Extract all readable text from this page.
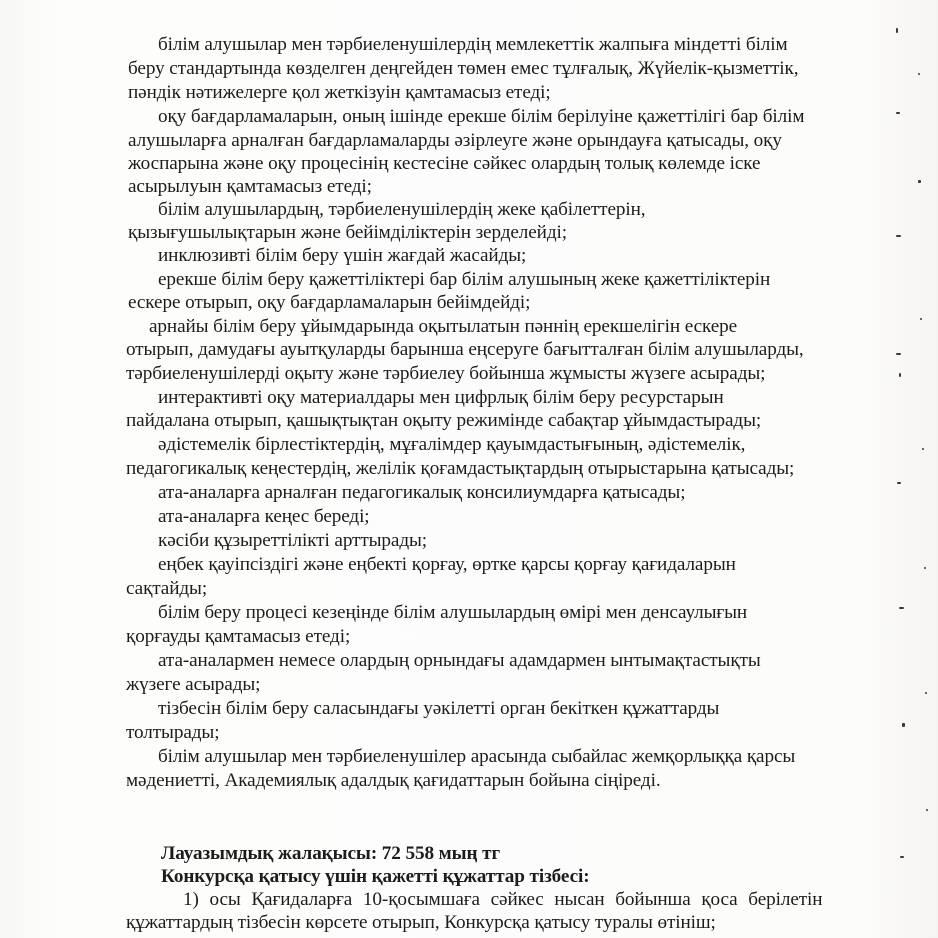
білім алушылар мен тәрбиеленушілердің мемлекеттік жалпыға міндетті білім
беру стандартында көзделген деңгейден төмен емес тұлғалық, Жүйелік-қызметтік,
пәндік нәтижелерге қол жеткізуін қамтамасыз етеді;
оқу бағдарламаларын, оның ішінде ерекше білім берілуіне қажеттілігі бар білім
алушыларға арналған бағдарламаларды әзірлеуге және орындауға қатысады, оқу
жоспарына және оқу процесінің кестесіне сәйкес олардың толық көлемде іске
асырылуын қамтамасыз етеді;
білім алушылардың, тәрбиеленушілердің жеке қабілеттерін,
қызығушылықтарын және бейімділіктерін зерделейді;
инклюзивті білім беру үшін жағдай жасайды;
ерекше білім беру қажеттіліктері бар білім алушының жеке қажеттіліктерін
ескере отырып, оқу бағдарламаларын бейімдейді;
арнайы білім беру ұйымдарында оқытылатын пәннің ерекшелігін ескере
отырып, дамудағы ауытқуларды барынша еңсеруге бағытталған білім алушыларды,
тәрбиеленушілерді оқыту және тәрбиелеу бойынша жұмысты жүзеге асырады;
интерактивті оқу материалдары мен цифрлық білім беру ресурстарын
пайдалана отырып, қашықтықтан оқыту режимінде сабақтар ұйымдастырады;
әдістемелік бірлестіктердің, мұғалімдер қауымдастығының, әдістемелік,
педагогикалық кеңестердің, желілік қоғамдастықтардың отырыстарына қатысады;
ата-аналарға арналған педагогикалық консилиумдарға қатысады;
ата-аналарға кеңес береді;
кәсіби құзыреттілікті арттырады;
еңбек қауіпсіздігі және еңбекті қорғау, өртке қарсы қорғау қағидаларын
сақтайды;
білім беру процесі кезеңінде білім алушылардың өмірі мен денсаулығын
қорғауды қамтамасыз етеді;
ата-аналармен немесе олардың орнындағы адамдармен ынтымақтастықты
жүзеге асырады;
тізбесін білім беру саласындағы уәкілетті орган бекіткен құжаттарды
толтырады;
білім алушылар мен тәрбиеленушілер арасында сыбайлас жемқорлыққа қарсы
мәдениетті, Академиялық адалдық қағидаттарын бойына сіңіреді.
Лауазымдық жалақысы: 72 558 мың тг
Конкурсқа қатысу үшін қажетті құжаттар тізбесі:
1) осы Қағидаларға 10-қосымшаға сәйкес нысан бойынша қоса берілетін
құжаттардың тізбесін көрсете отырып, Конкурсқа қатысу туралы өтініш;
